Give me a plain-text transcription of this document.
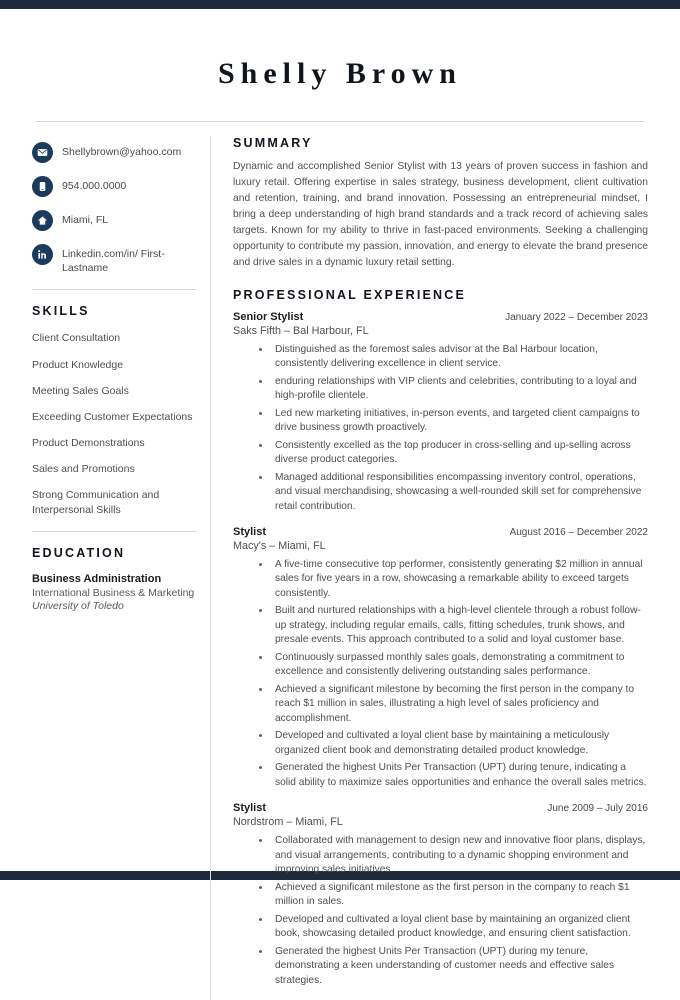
Shelly Brown
Shellybrown@yahoo.com
954.000.0000
Miami, FL
Linkedin.com/in/ First-Lastname
SKILLS
Client Consultation
Product Knowledge
Meeting Sales Goals
Exceeding Customer Expectations
Product Demonstrations
Sales and Promotions
Strong Communication and Interpersonal Skills
EDUCATION
Business Administration
International Business & Marketing
University of Toledo
SUMMARY
Dynamic and accomplished Senior Stylist with 13 years of proven success in fashion and luxury retail. Offering expertise in sales strategy, business development, client cultivation and retention, training, and brand innovation. Possessing an entrepreneurial mindset, I bring a deep understanding of high brand standards and a track record of achieving sales targets. Known for my ability to thrive in fast-paced environments. Seeking a challenging opportunity to contribute my passion, innovation, and energy to elevate the brand presence and drive sales in a dynamic luxury retail setting.
PROFESSIONAL EXPERIENCE
Senior Stylist	January 2022 – December 2023
Saks Fifth – Bal Harbour, FL
• Distinguished as the foremost sales advisor at the Bal Harbour location, consistently delivering excellence in client service.
• enduring relationships with VIP clients and celebrities, contributing to a loyal and high-profile clientele.
• Led new marketing initiatives, in-person events, and targeted client campaigns to drive business growth proactively.
• Consistently excelled as the top producer in cross-selling and up-selling across diverse product categories.
• Managed additional responsibilities encompassing inventory control, operations, and visual merchandising, showcasing a well-rounded skill set for comprehensive retail contribution.
Stylist	August 2016 – December 2022
Macy's – Miami, FL
• A five-time consecutive top performer, consistently generating $2 million in annual sales for five years in a row, showcasing a remarkable ability to exceed targets consistently.
• Built and nurtured relationships with a high-level clientele through a robust follow-up strategy, including regular emails, calls, fitting schedules, trunk shows, and presale events. This approach contributed to a solid and loyal customer base.
• Continuously surpassed monthly sales goals, demonstrating a commitment to excellence and consistently delivering outstanding sales performance.
• Achieved a significant milestone by becoming the first person in the company to reach $1 million in sales, illustrating a high level of sales proficiency and accomplishment.
• Developed and cultivated a loyal client base by maintaining a meticulously organized client book and demonstrating detailed product knowledge.
• Generated the highest Units Per Transaction (UPT) during tenure, indicating a solid ability to maximize sales opportunities and enhance the overall sales metrics.
Stylist	June 2009 – July 2016
Nordstrom – Miami, FL
• Collaborated with management to design new and innovative floor plans, displays, and visual arrangements, contributing to a dynamic shopping environment and improving sales initiatives.
• Achieved a significant milestone as the first person in the company to reach $1 million in sales.
• Developed and cultivated a loyal client base by maintaining an organized client book, showcasing detailed product knowledge, and ensuring client satisfaction.
• Generated the highest Units Per Transaction (UPT) during my tenure, demonstrating a keen understanding of customer needs and effective sales strategies.
